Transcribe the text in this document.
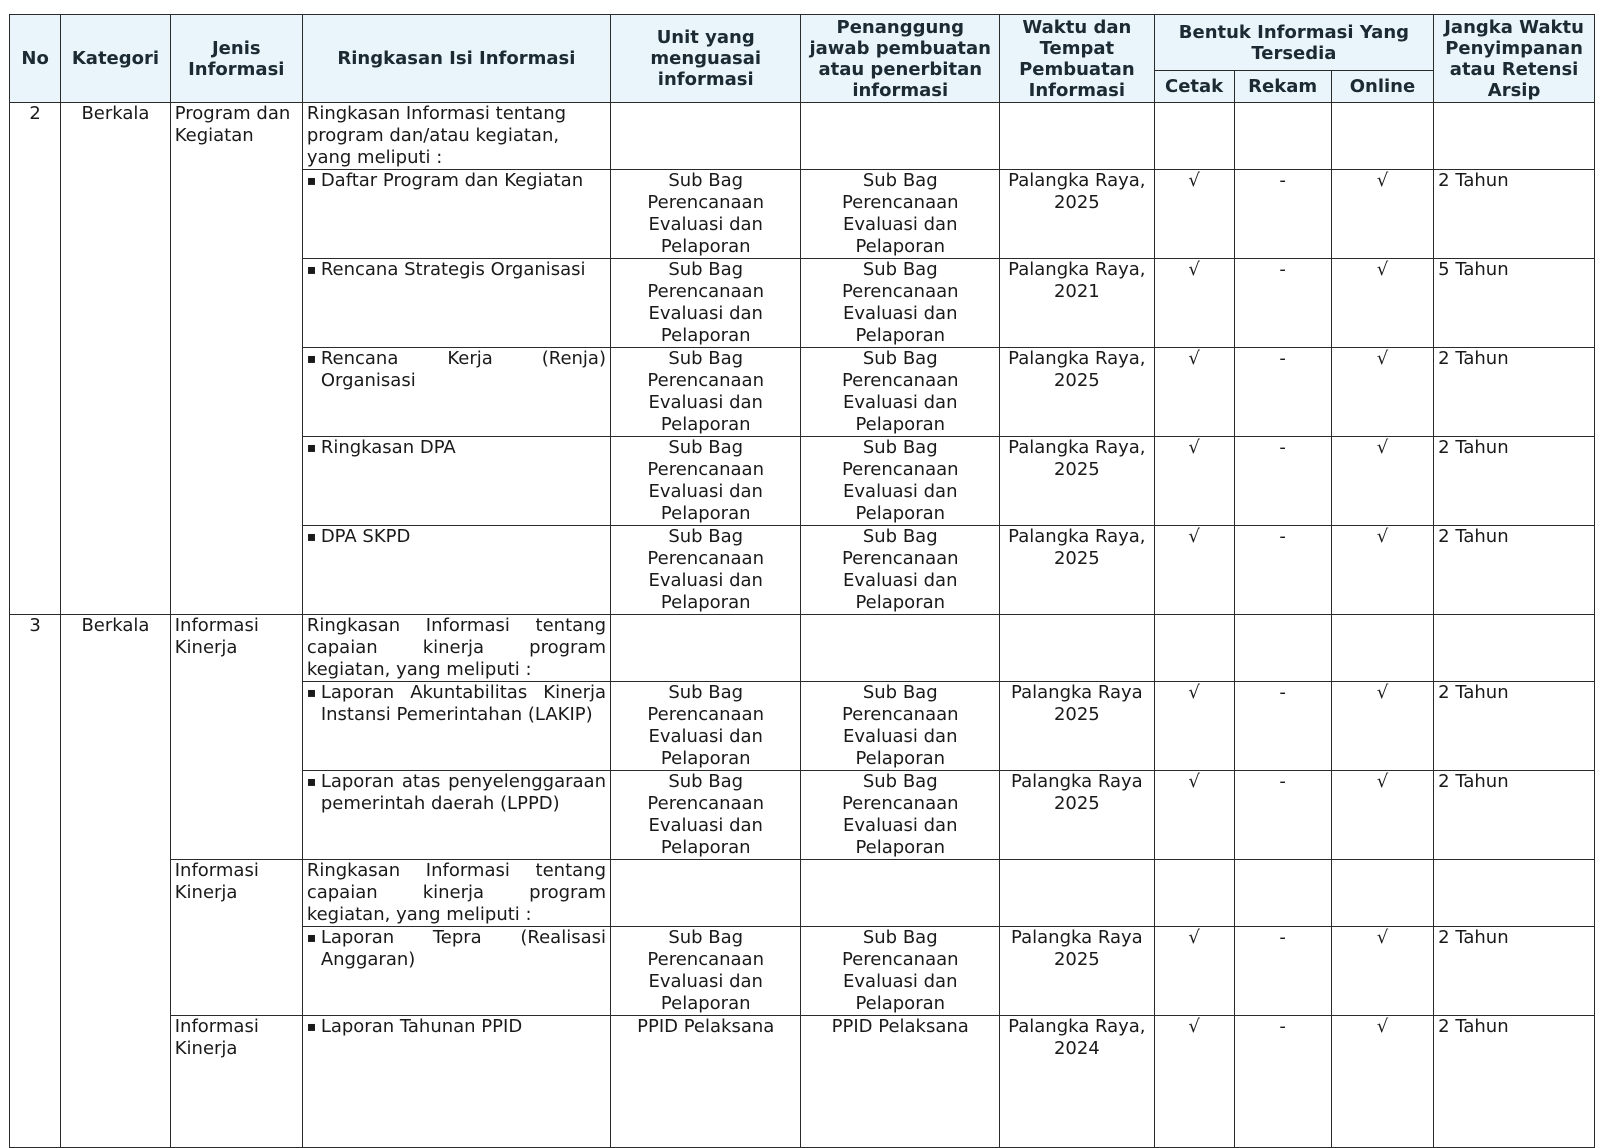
No	Kategori	Jenis Informasi	Ringkasan Isi Informasi	Unit yang menguasai informasi	Penanggung jawab pembuatan atau penerbitan informasi	Waktu dan Tempat Pembuatan Informasi	Bentuk Informasi Yang Tersedia			Jangka Waktu Penyimpanan atau Retensi Arsip
							Cetak	Rekam	Online	
2	Berkala	Program dan Kegiatan	Ringkasan Informasi tentang program dan/atau kegiatan, yang meliputi :							

			▪ Daftar Program dan Kegiatan	Sub Bag Perencanaan Evaluasi dan Pelaporan	Sub Bag Perencanaan Evaluasi dan Pelaporan	Palangka Raya, 2025	√	-	√	2 Tahun

			▪ Rencana Strategis Organisasi	Sub Bag Perencanaan Evaluasi dan Pelaporan	Sub Bag Perencanaan Evaluasi dan Pelaporan	Palangka Raya, 2021	√	-	√	5 Tahun

			▪ Rencana Kerja (Renja) Organisasi	Sub Bag Perencanaan Evaluasi dan Pelaporan	Sub Bag Perencanaan Evaluasi dan Pelaporan	Palangka Raya, 2025	√	-	√	2 Tahun

			▪ Ringkasan DPA	Sub Bag Perencanaan Evaluasi dan Pelaporan	Sub Bag Perencanaan Evaluasi dan Pelaporan	Palangka Raya, 2025	√	-	√	2 Tahun

			▪ DPA SKPD	Sub Bag Perencanaan Evaluasi dan Pelaporan	Sub Bag Perencanaan Evaluasi dan Pelaporan	Palangka Raya, 2025	√	-	√	2 Tahun
3	Berkala	Informasi Kinerja	Ringkasan Informasi tentang capaian kinerja program kegiatan, yang meliputi :							

			▪ Laporan Akuntabilitas Kinerja Instansi Pemerintahan (LAKIP)	Sub Bag Perencanaan Evaluasi dan Pelaporan	Sub Bag Perencanaan Evaluasi dan Pelaporan	Palangka Raya 2025	√	-	√	2 Tahun

			▪ Laporan atas penyelenggaraan pemerintah daerah (LPPD)	Sub Bag Perencanaan Evaluasi dan Pelaporan	Sub Bag Perencanaan Evaluasi dan Pelaporan	Palangka Raya 2025	√	-	√	2 Tahun
		Informasi Kinerja	Ringkasan Informasi tentang capaian kinerja program kegiatan, yang meliputi :							

			▪ Laporan Tepra (Realisasi Anggaran)	Sub Bag Perencanaan Evaluasi dan Pelaporan	Sub Bag Perencanaan Evaluasi dan Pelaporan	Palangka Raya 2025	√	-	√	2 Tahun
		Informasi Kinerja	▪ Laporan Tahunan PPID	PPID Pelaksana	PPID Pelaksana	Palangka Raya, 2024	√	-	√	2 Tahun
